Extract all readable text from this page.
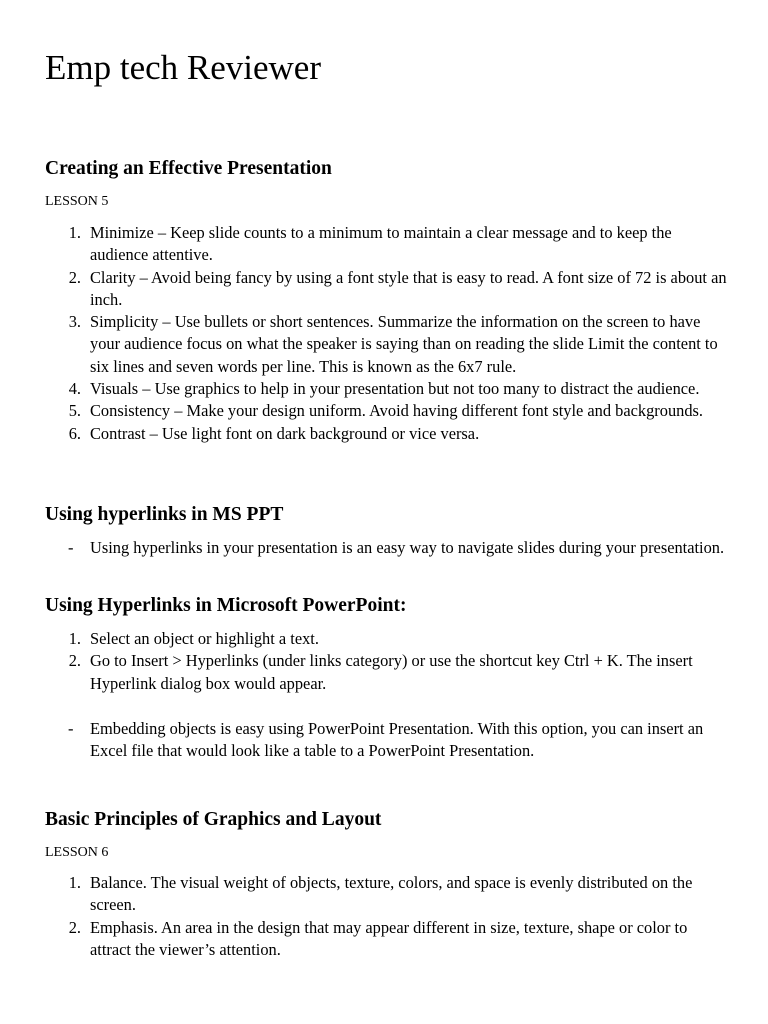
Emp tech Reviewer
Creating an Effective Presentation
LESSON 5
1. Minimize – Keep slide counts to a minimum to maintain a clear message and to keep the audience attentive.
2. Clarity – Avoid being fancy by using a font style that is easy to read. A font size of 72 is about an inch.
3. Simplicity – Use bullets or short sentences. Summarize the information on the screen to have your audience focus on what the speaker is saying than on reading the slide Limit the content to six lines and seven words per line. This is known as the 6x7 rule.
4. Visuals – Use graphics to help in your presentation but not too many to distract the audience.
5. Consistency – Make your design uniform. Avoid having different font style and backgrounds.
6. Contrast – Use light font on dark background or vice versa.
Using hyperlinks in MS PPT
- Using hyperlinks in your presentation is an easy way to navigate slides during your presentation.
Using Hyperlinks in Microsoft PowerPoint:
1. Select an object or highlight a text.
2. Go to Insert > Hyperlinks (under links category) or use the shortcut key Ctrl + K. The insert Hyperlink dialog box would appear.
- Embedding objects is easy using PowerPoint Presentation. With this option, you can insert an Excel file that would look like a table to a PowerPoint Presentation.
Basic Principles of Graphics and Layout
LESSON 6
1. Balance. The visual weight of objects, texture, colors, and space is evenly distributed on the screen.
2. Emphasis. An area in the design that may appear different in size, texture, shape or color to attract the viewer’s attention.
